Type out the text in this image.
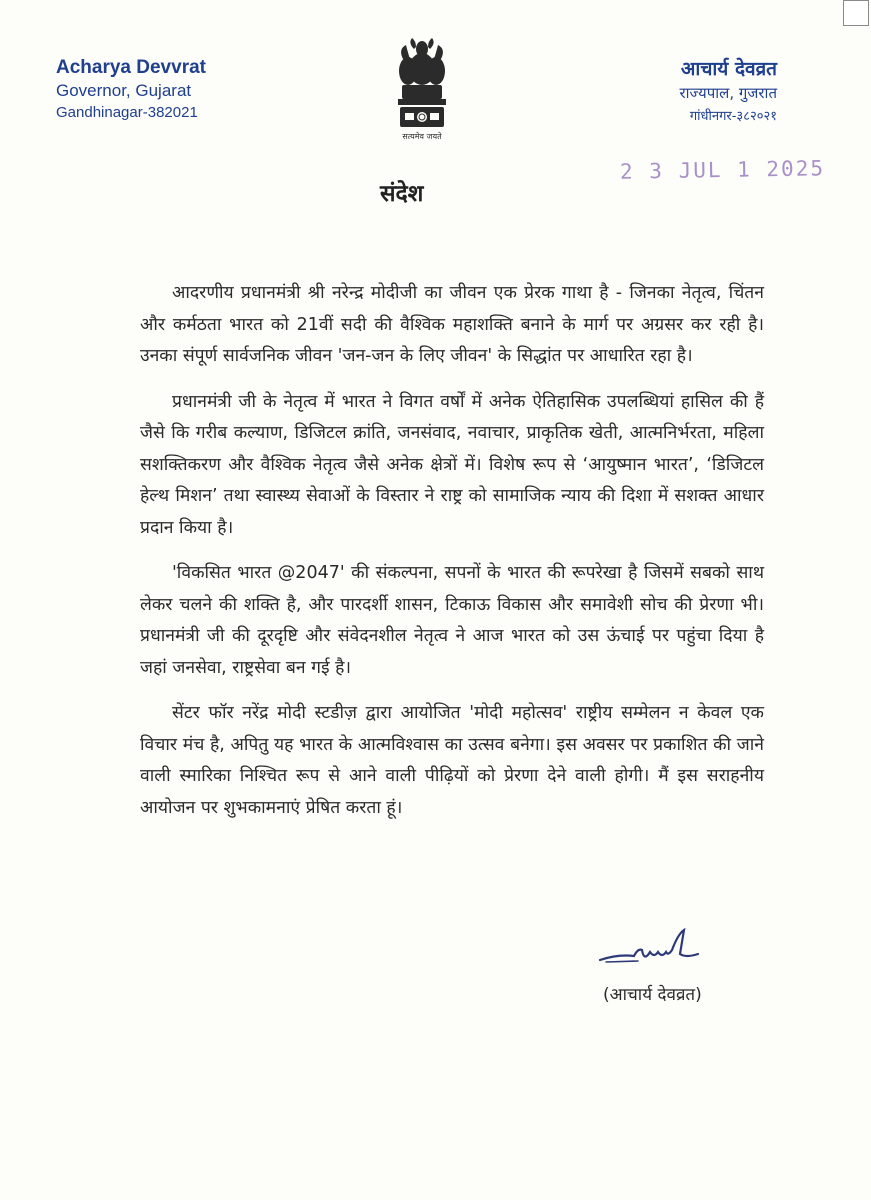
Acharya Devvrat
Governor, Gujarat
Gandhinagar-382021
सत्यमेव जयते
आचार्य देवव्रत
राज्यपाल, गुजरात
गांधीनगर-३८२०२१
2 3 JUL 1 2025
संदेश

आदरणीय प्रधानमंत्री श्री नरेन्द्र मोदीजी का जीवन एक प्रेरक गाथा है - जिनका नेतृत्व, चिंतन और कर्मठता भारत को 21वीं सदी की वैश्विक महाशक्ति बनाने के मार्ग पर अग्रसर कर रही है। उनका संपूर्ण सार्वजनिक जीवन 'जन-जन के लिए जीवन' के सिद्धांत पर आधारित रहा है।

प्रधानमंत्री जी के नेतृत्व में भारत ने विगत वर्षों में अनेक ऐतिहासिक उपलब्धियां हासिल की हैं जैसे कि गरीब कल्याण, डिजिटल क्रांति, जनसंवाद, नवाचार, प्राकृतिक खेती, आत्मनिर्भरता, महिला सशक्तिकरण और वैश्विक नेतृत्व जैसे अनेक क्षेत्रों में। विशेष रूप से ‘आयुष्मान भारत’, ‘डिजिटल हेल्थ मिशन’ तथा स्वास्थ्य सेवाओं के विस्तार ने राष्ट्र को सामाजिक न्याय की दिशा में सशक्त आधार प्रदान किया है।

'विकसित भारत @2047' की संकल्पना, सपनों के भारत की रूपरेखा है जिसमें सबको साथ लेकर चलने की शक्ति है, और पारदर्शी शासन, टिकाऊ विकास और समावेशी सोच की प्रेरणा भी। प्रधानमंत्री जी की दूरदृष्टि और संवेदनशील नेतृत्व ने आज भारत को उस ऊंचाई पर पहुंचा दिया है जहां जनसेवा, राष्ट्रसेवा बन गई है।

सेंटर फॉर नरेंद्र मोदी स्टडीज़ द्वारा आयोजित 'मोदी महोत्सव' राष्ट्रीय सम्मेलन न केवल एक विचार मंच है, अपितु यह भारत के आत्मविश्वास का उत्सव बनेगा। इस अवसर पर प्रकाशित की जाने वाली स्मारिका निश्चित रूप से आने वाली पीढ़ियों को प्रेरणा देने वाली होगी। मैं इस सराहनीय आयोजन पर शुभकामनाएं प्रेषित करता हूं।

(आचार्य देवव्रत)
